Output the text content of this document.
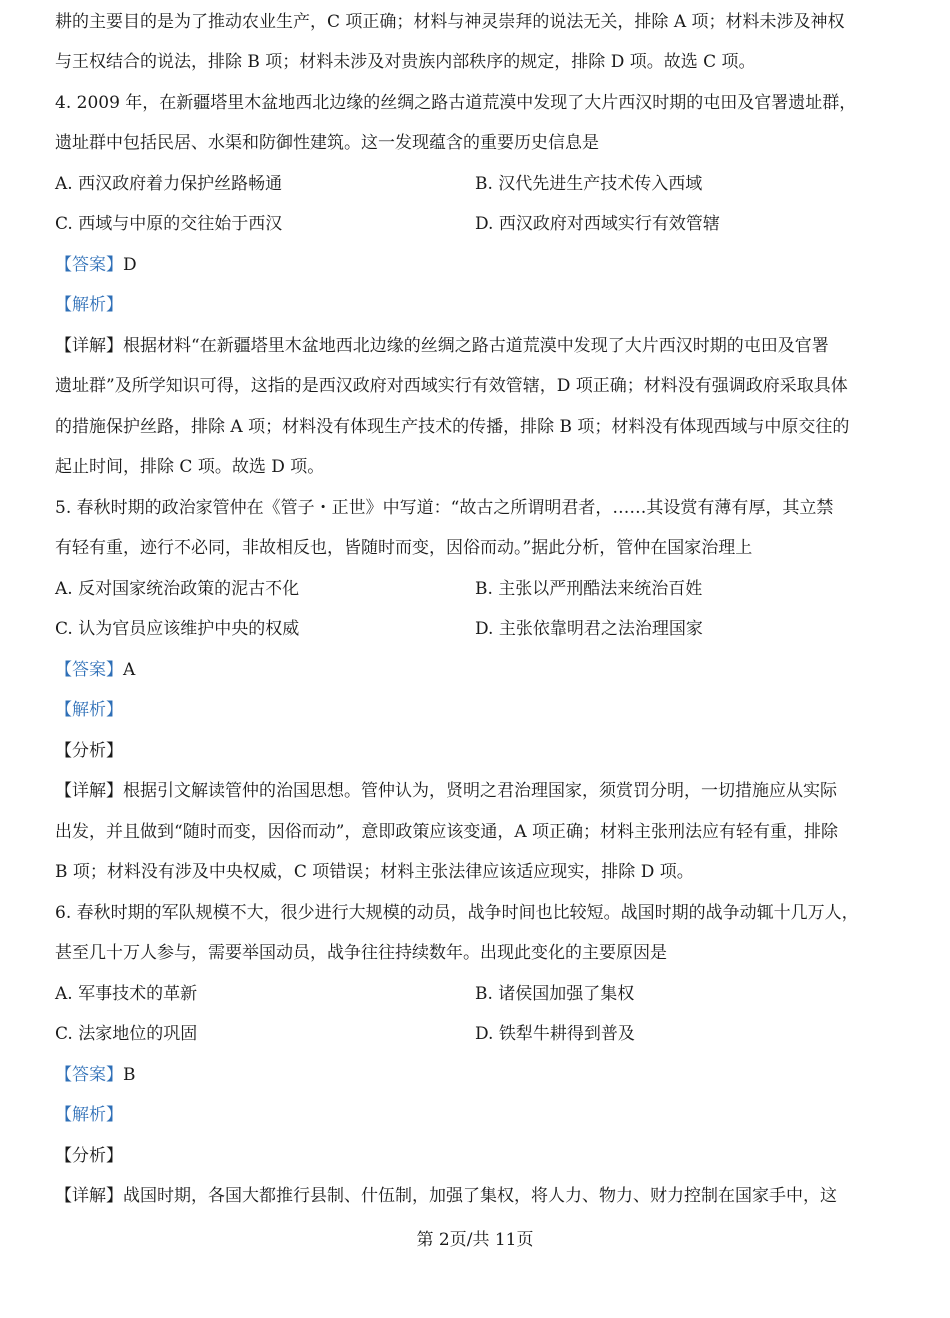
耕的主要目的是为了推动农业生产，C 项正确；材料与神灵崇拜的说法无关，排除 A 项；材料未涉及神权
与王权结合的说法，排除 B 项；材料未涉及对贵族内部秩序的规定，排除 D 项。故选 C 项。
4. 2009 年，在新疆塔里木盆地西北边缘的丝绸之路古道荒漠中发现了大片西汉时期的屯田及官署遗址群，
遗址群中包括民居、水渠和防御性建筑。这一发现蕴含的重要历史信息是
A. 西汉政府着力保护丝路畅通	B. 汉代先进生产技术传入西域
C. 西域与中原的交往始于西汉	D. 西汉政府对西域实行有效管辖
【答案】D
【解析】
【详解】根据材料“在新疆塔里木盆地西北边缘的丝绸之路古道荒漠中发现了大片西汉时期的屯田及官署
遗址群”及所学知识可得，这指的是西汉政府对西域实行有效管辖，D 项正确；材料没有强调政府采取具体
的措施保护丝路，排除 A 项；材料没有体现生产技术的传播，排除 B 项；材料没有体现西域与中原交往的
起止时间，排除 C 项。故选 D 项。
5. 春秋时期的政治家管仲在《管子・正世》中写道：“故古之所谓明君者，……其设赏有薄有厚，其立禁
有轻有重，迹行不必同，非故相反也，皆随时而变，因俗而动。”据此分析，管仲在国家治理上
A. 反对国家统治政策的泥古不化	B. 主张以严刑酷法来统治百姓
C. 认为官员应该维护中央的权威	D. 主张依靠明君之法治理国家
【答案】A
【解析】
【分析】
【详解】根据引文解读管仲的治国思想。管仲认为，贤明之君治理国家，须赏罚分明，一切措施应从实际
出发，并且做到“随时而变，因俗而动”，意即政策应该变通，A 项正确；材料主张刑法应有轻有重，排除
B 项；材料没有涉及中央权威，C 项错误；材料主张法律应该适应现实，排除 D 项。
6. 春秋时期的军队规模不大，很少进行大规模的动员，战争时间也比较短。战国时期的战争动辄十几万人，
甚至几十万人参与，需要举国动员，战争往往持续数年。出现此变化的主要原因是
A. 军事技术的革新	B. 诸侯国加强了集权
C. 法家地位的巩固	D. 铁犁牛耕得到普及
【答案】B
【解析】
【分析】
【详解】战国时期，各国大都推行县制、什伍制，加强了集权，将人力、物力、财力控制在国家手中，这
第 2页/共 11页
